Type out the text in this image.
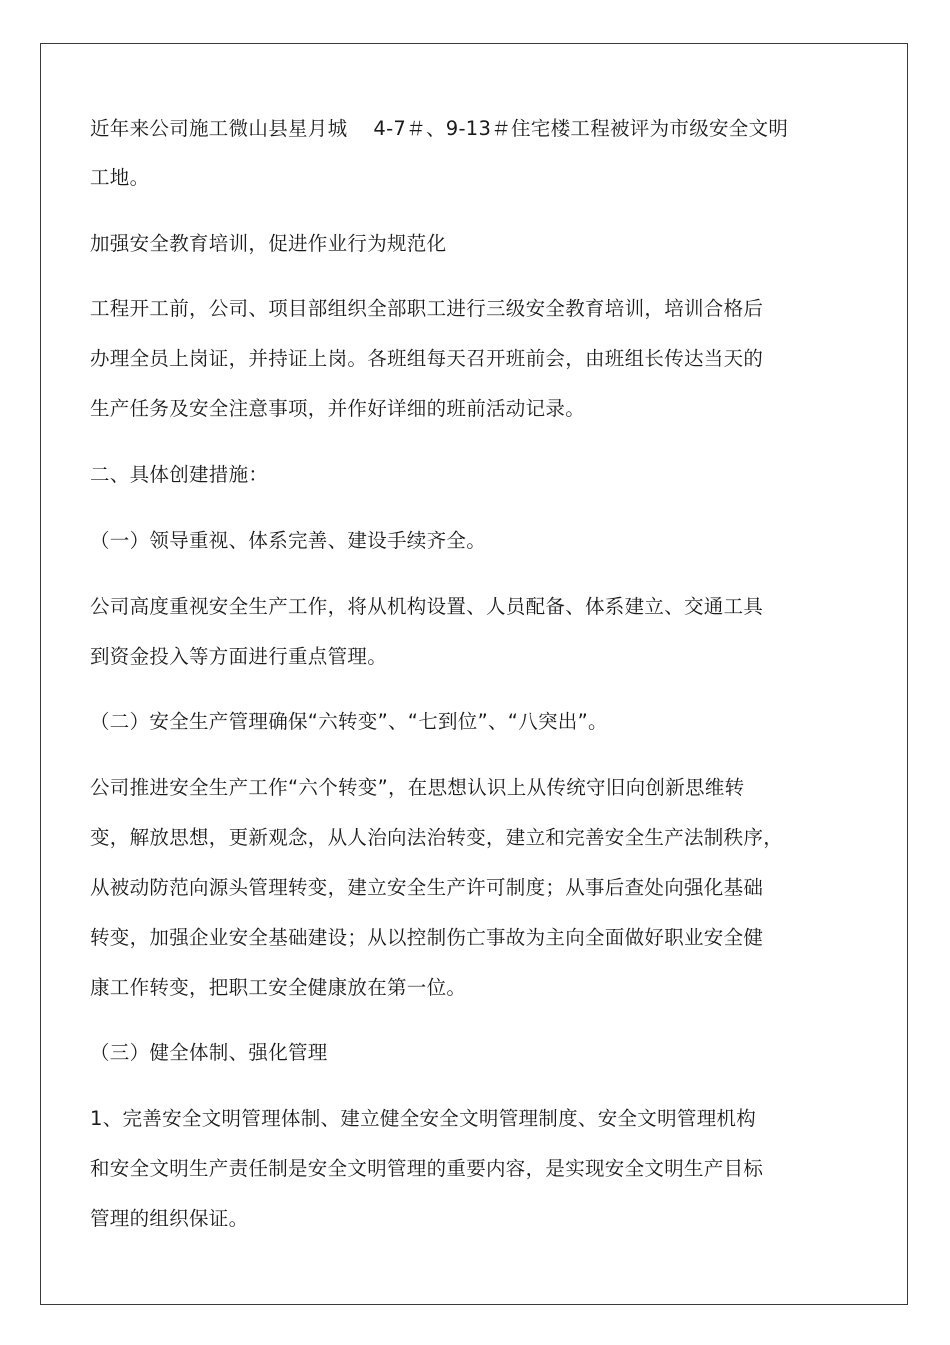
近年来公司施工微山县星月城    4-7＃、9-13＃住宅楼工程被评为市级安全文明
工地。
加强安全教育培训，促进作业行为规范化
工程开工前，公司、项目部组织全部职工进行三级安全教育培训，培训合格后
办理全员上岗证，并持证上岗。各班组每天召开班前会，由班组长传达当天的
生产任务及安全注意事项，并作好详细的班前活动记录。
二、具体创建措施：
（一）领导重视、体系完善、建设手续齐全。
公司高度重视安全生产工作，将从机构设置、人员配备、体系建立、交通工具
到资金投入等方面进行重点管理。
（二）安全生产管理确保“六转变”、“七到位”、“八突出”。
公司推进安全生产工作“六个转变”，在思想认识上从传统守旧向创新思维转
变，解放思想，更新观念，从人治向法治转变，建立和完善安全生产法制秩序，
从被动防范向源头管理转变，建立安全生产许可制度；从事后查处向强化基础
转变，加强企业安全基础建设；从以控制伤亡事故为主向全面做好职业安全健
康工作转变，把职工安全健康放在第一位。
（三）健全体制、强化管理
1、完善安全文明管理体制、建立健全安全文明管理制度、安全文明管理机构
和安全文明生产责任制是安全文明管理的重要内容，是实现安全文明生产目标
管理的组织保证。
